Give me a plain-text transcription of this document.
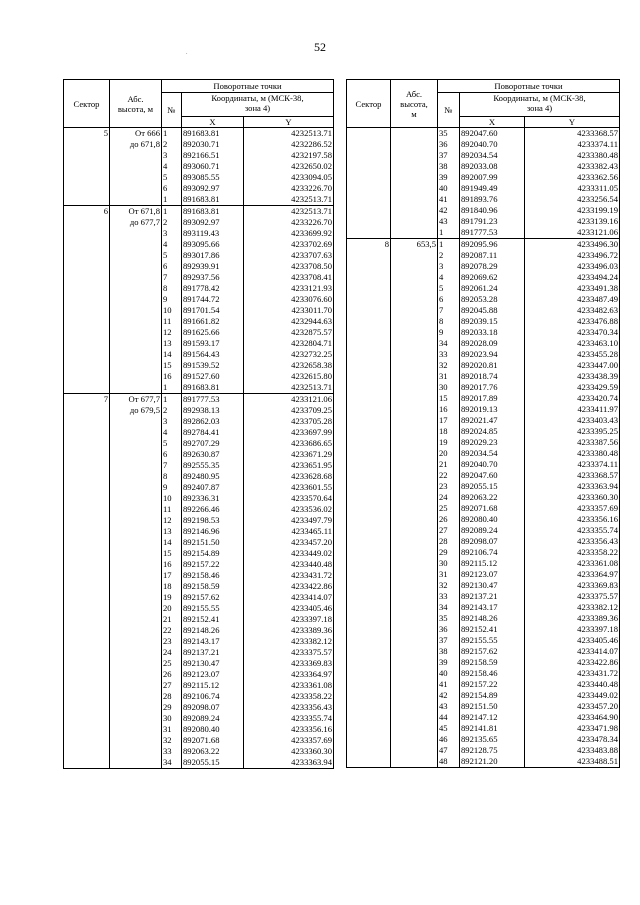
52
.
Сектор	Абс.
высота, м	Поворотные точки		
		№	Координаты, м (МСК-38,
зона 4)	

			X	Y
5	От 666	1	891683.81	4232513.71
	до 671,8	2	892030.71	4232286.52
		3	892166.51	4232197.58
		4	893060.71	4232650.02
		5	893085.55	4233094.05
		6	893092.97	4233226.70
		1	891683.81	4232513.71
6	От 671,8	1	891683.81	4232513.71
	до 677,7	2	893092.97	4233226.70
		3	893119.43	4233699.92
		4	893095.66	4233702.69
		5	893017.86	4233707.63
		6	892939.91	4233708.50
		7	892937.56	4233708.41
		8	891778.42	4233121.93
		9	891744.72	4233076.60
		10	891701.54	4233011.70
		11	891661.82	4232944.63
		12	891625.66	4232875.57
		13	891593.17	4232804.71
		14	891564.43	4232732.25
		15	891539.52	4232658.38
		16	891527.60	4232615.80
		1	891683.81	4232513.71
7	От 677,7	1	891777.53	4233121.06
	до 679,5	2	892938.13	4233709.25
		3	892862.03	4233705.28
		4	892784.41	4233697.99
		5	892707.29	4233686.65
		6	892630.87	4233671.29
		7	892555.35	4233651.95
		8	892480.95	4233628.68
		9	892407.87	4233601.55
		10	892336.31	4233570.64
		11	892266.46	4233536.02
		12	892198.53	4233497.79
		13	892146.96	4233465.11
		14	892151.50	4233457.20
		15	892154.89	4233449.02
		16	892157.22	4233440.48
		17	892158.46	4233431.72
		18	892158.59	4233422.86
		19	892157.62	4233414.07
		20	892155.55	4233405.46
		21	892152.41	4233397.18
		22	892148.26	4233389.36
		23	892143.17	4233382.12
		24	892137.21	4233375.57
		25	892130.47	4233369.83
		26	892123.07	4233364.97
		27	892115.12	4233361.08
		28	892106.74	4233358.22
		29	892098.07	4233356.43
		30	892089.24	4233355.74
		31	892080.40	4233356.16
		32	892071.68	4233357.69
		33	892063.22	4233360.30
		34	892055.15	4233363.94
Сектор	Абс.
высота,
м	Поворотные точки		
		№	Координаты, м (МСК-38,
зона 4)	

			X	Y
		35	892047.60	4233368.57
		36	892040.70	4233374.11
		37	892034.54	4233380.48
		38	892033.08	4233382.43
		39	892007.99	4233362.56
		40	891949.49	4233311.05
		41	891893.76	4233256.54
		42	891840.96	4233199.19
		43	891791.23	4233139.16
		1	891777.53	4233121.06
8	653,5	1	892095.96	4233496.30
		2	892087.11	4233496.72
		3	892078.29	4233496.03
		4	892069.62	4233494.24
		5	892061.24	4233491.38
		6	892053.28	4233487.49
		7	892045.88	4233482.63
		8	892039.15	4233476.88
		9	892033.18	4233470.34
		34	892028.09	4233463.10
		33	892023.94	4233455.28
		32	892020.81	4233447.00
		31	892018.74	4233438.39
		30	892017.76	4233429.59
		15	892017.89	4233420.74
		16	892019.13	4233411.97
		17	892021.47	4233403.43
		18	892024.85	4233395.25
		19	892029.23	4233387.56
		20	892034.54	4233380.48
		21	892040.70	4233374.11
		22	892047.60	4233368.57
		23	892055.15	4233363.94
		24	892063.22	4233360.30
		25	892071.68	4233357.69
		26	892080.40	4233356.16
		27	892089.24	4233355.74
		28	892098.07	4233356.43
		29	892106.74	4233358.22
		30	892115.12	4233361.08
		31	892123.07	4233364.97
		32	892130.47	4233369.83
		33	892137.21	4233375.57
		34	892143.17	4233382.12
		35	892148.26	4233389.36
		36	892152.41	4233397.18
		37	892155.55	4233405.46
		38	892157.62	4233414.07
		39	892158.59	4233422.86
		40	892158.46	4233431.72
		41	892157.22	4233440.48
		42	892154.89	4233449.02
		43	892151.50	4233457.20
		44	892147.12	4233464.90
		45	892141.81	4233471.98
		46	892135.65	4233478.34
		47	892128.75	4233483.88
		48	892121.20	4233488.51
